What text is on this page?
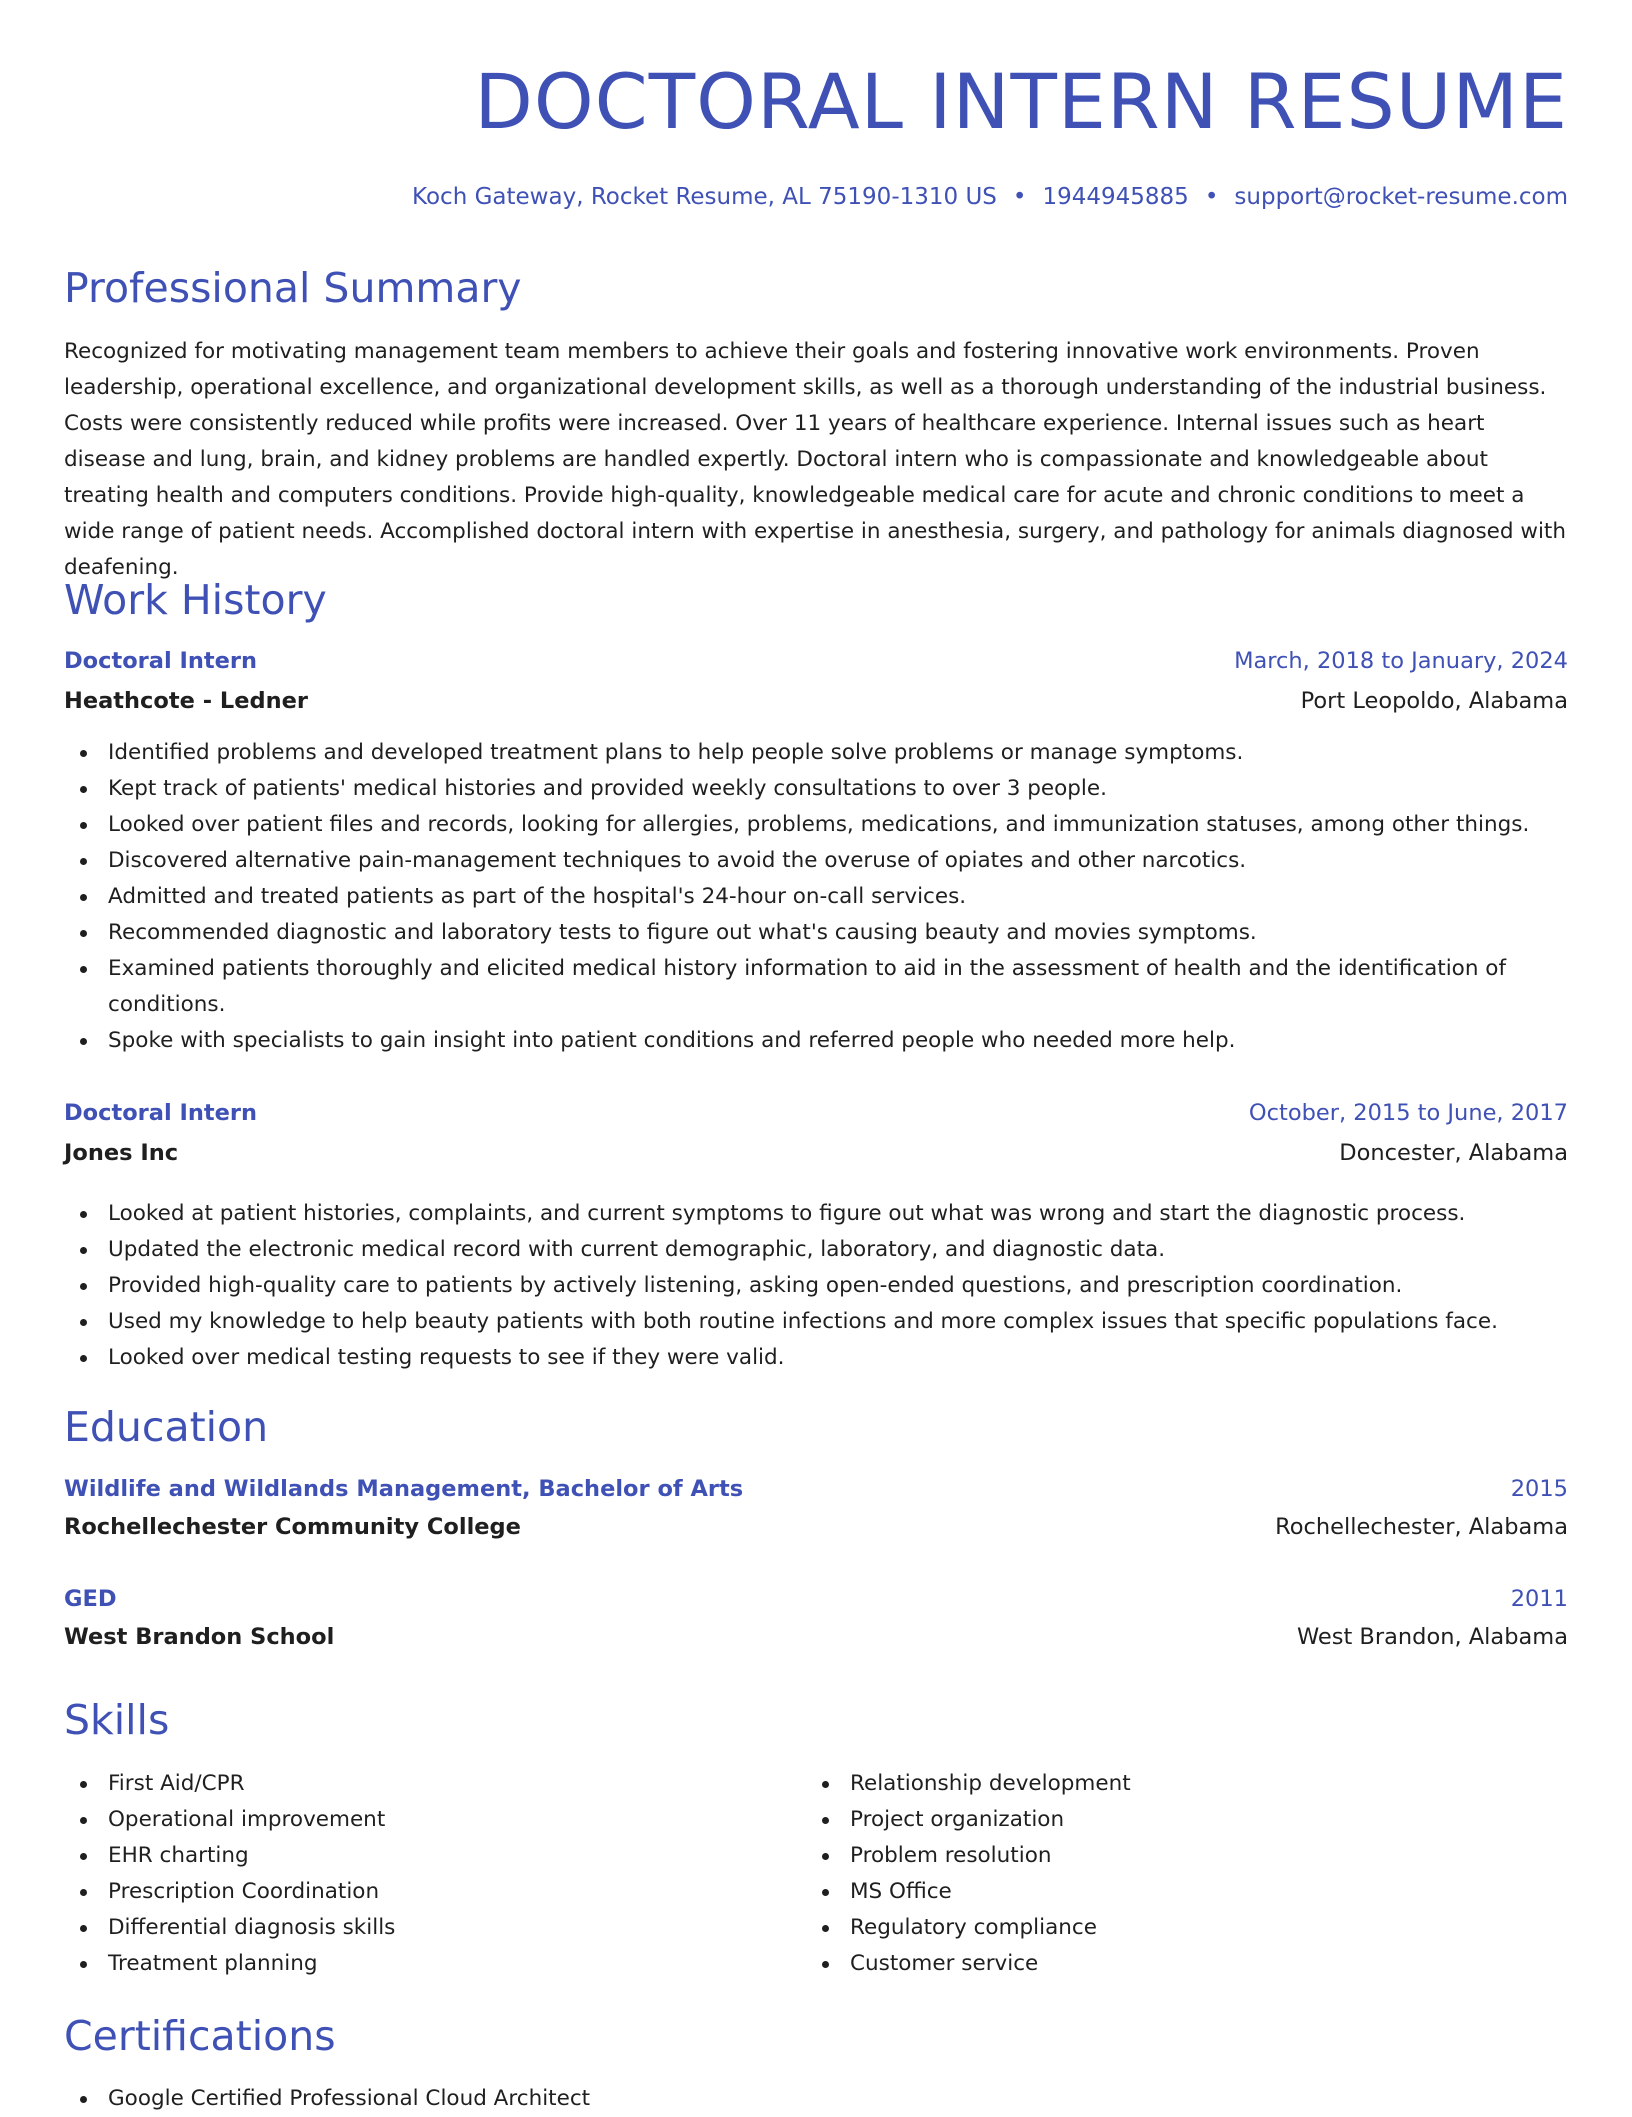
DOCTORAL INTERN RESUME
Koch Gateway, Rocket Resume, AL 75190-1310 US • 1944945885 • support@rocket-resume.com
Professional Summary

Recognized for motivating management team members to achieve their goals and fostering innovative work environments. Proven leadership, operational excellence, and organizational development skills, as well as a thorough understanding of the industrial business. Costs were consistently reduced while profits were increased. Over 11 years of healthcare experience. Internal issues such as heart disease and lung, brain, and kidney problems are handled expertly. Doctoral intern who is compassionate and knowledgeable about treating health and computers conditions. Provide high-quality, knowledgeable medical care for acute and chronic conditions to meet a wide range of patient needs. Accomplished doctoral intern with expertise in anesthesia, surgery, and pathology for animals diagnosed with deafening.

Work History
Doctoral Intern	March, 2018 to January, 2024
Heathcote - Ledner	Port Leopoldo, Alabama
Identified problems and developed treatment plans to help people solve problems or manage symptoms.
Kept track of patients' medical histories and provided weekly consultations to over 3 people.
Looked over patient files and records, looking for allergies, problems, medications, and immunization statuses, among other things.
Discovered alternative pain-management techniques to avoid the overuse of opiates and other narcotics.
Admitted and treated patients as part of the hospital's 24-hour on-call services.
Recommended diagnostic and laboratory tests to figure out what's causing beauty and movies symptoms.
Examined patients thoroughly and elicited medical history information to aid in the assessment of health and the identification of conditions.
Spoke with specialists to gain insight into patient conditions and referred people who needed more help.
Doctoral Intern	October, 2015 to June, 2017
Jones Inc	Doncester, Alabama
Looked at patient histories, complaints, and current symptoms to figure out what was wrong and start the diagnostic process.
Updated the electronic medical record with current demographic, laboratory, and diagnostic data.
Provided high-quality care to patients by actively listening, asking open-ended questions, and prescription coordination.
Used my knowledge to help beauty patients with both routine infections and more complex issues that specific populations face.
Looked over medical testing requests to see if they were valid.
Education
Wildlife and Wildlands Management, Bachelor of Arts	2015
Rochellechester Community College	Rochellechester, Alabama
GED	2011
West Brandon School	West Brandon, Alabama
Skills
First Aid/CPR
Operational improvement
EHR charting
Prescription Coordination
Differential diagnosis skills
Treatment planning
Relationship development
Project organization
Problem resolution
MS Office
Regulatory compliance
Customer service
Certifications
Google Certified Professional Cloud Architect
